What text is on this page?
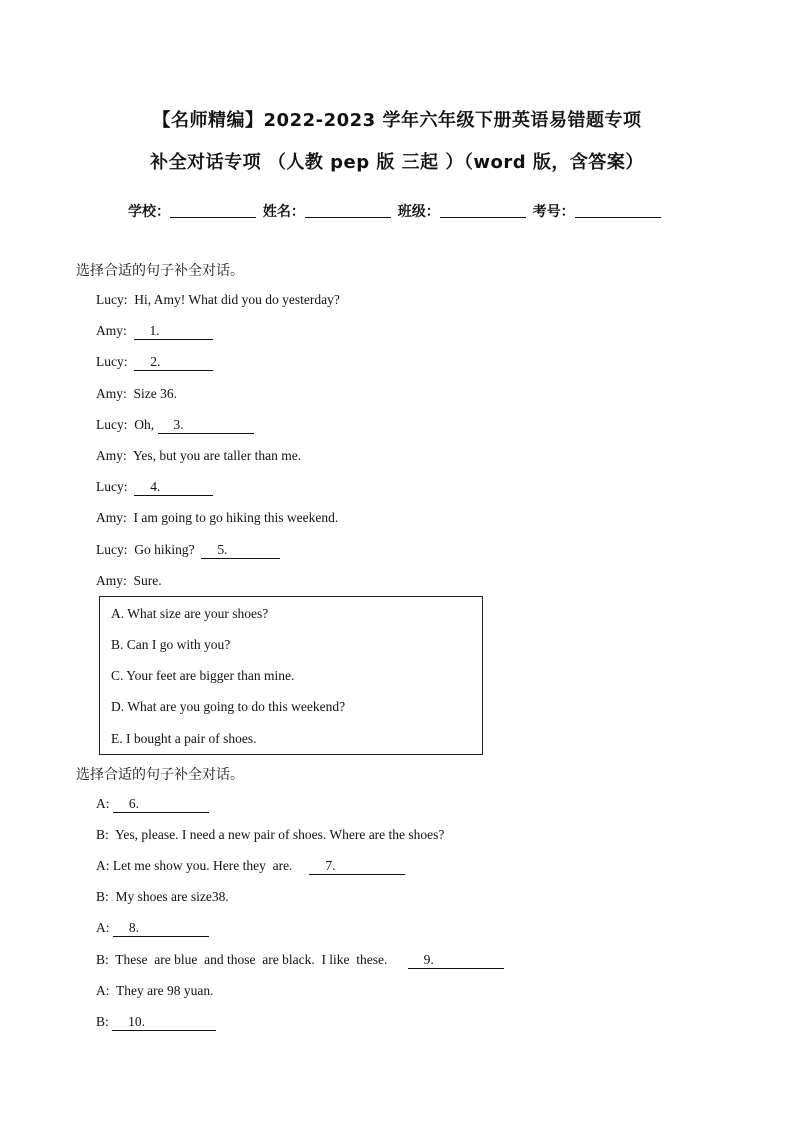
【名师精编】2022-2023 学年六年级下册英语易错题专项
补全对话专项 （人教 pep 版 三起 ）（word 版，含答案）
学校：	姓名：	班级：	考号：
选择合适的句子补全对话。
Lucy: Hi, Amy! What did you do yesterday?
Amy: 1.
Lucy: 2.
Amy: Size 36.
Lucy: Oh, 3.
Amy: Yes, but you are taller than me.
Lucy: 4.
Amy: I am going to go hiking this weekend.
Lucy: Go hiking?  5.
Amy: Sure.
A. What size are your shoes?
B. Can I go with you?
C. Your feet are bigger than mine.
D. What are you going to do this weekend?
E. I bought a pair of shoes.
选择合适的句子补全对话。
A: 6.
B: Yes, please. I need a new pair of shoes. Where are the shoes?
A: Let me show you. Here they  are.     7.
B: My shoes are size38.
A: 8.
B: These  are blue  and those  are black.  I like  these.      9.
A: They are 98 yuan.
B: 10.
